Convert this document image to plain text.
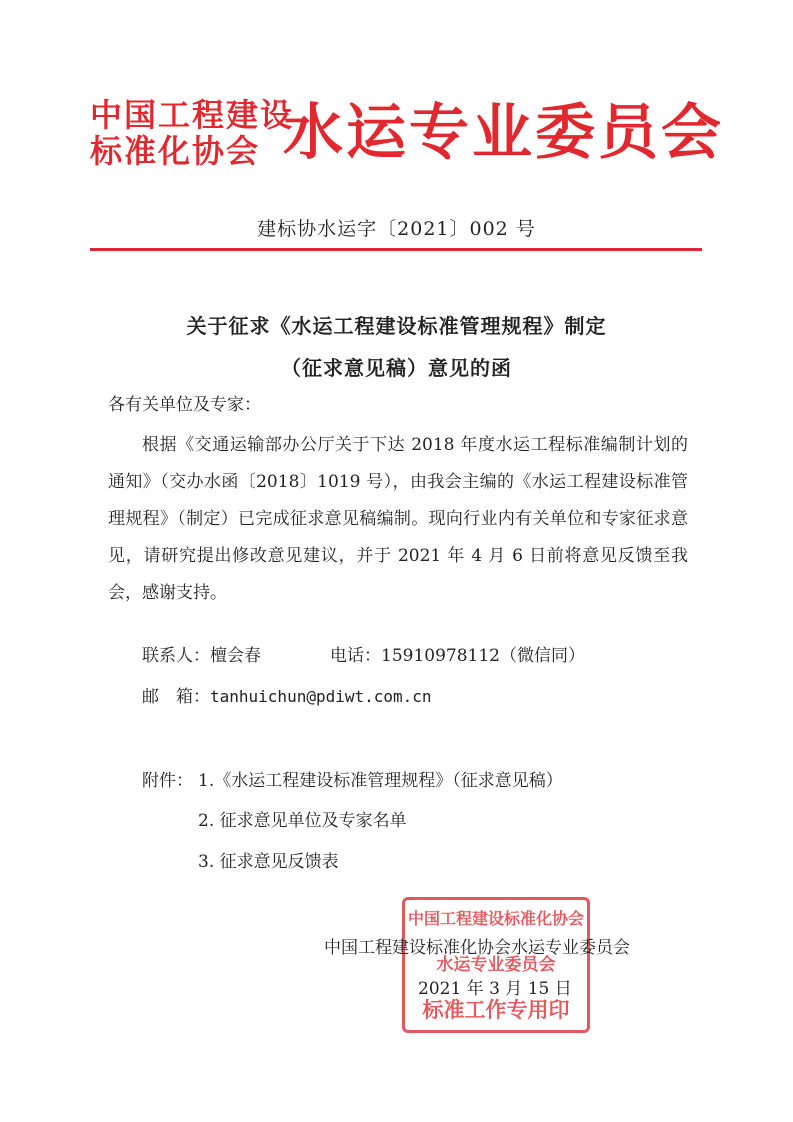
中国工程建设
标准化协会 水运专业委员会
建标协水运字〔2021〕002 号
关于征求《水运工程建设标准管理规程》制定
（征求意见稿）意见的函
各有关单位及专家：
根据《交通运输部办公厅关于下达 2018 年度水运工程标准编制计划的通知》（交办水函〔2018〕1019 号），由我会主编的《水运工程建设标准管理规程》（制定）已完成征求意见稿编制。现向行业内有关单位和专家征求意见，请研究提出修改意见建议，并于 2021 年 4 月 6 日前将意见反馈至我会，感谢支持。
联系人：檀会春	电话：15910978112（微信同）
邮　箱：tanhuichun@pdiwt.com.cn
附件： 1.《水运工程建设标准管理规程》（征求意见稿）
2. 征求意见单位及专家名单
3. 征求意见反馈表
中国工程建设标准化协会
水运专业委员会
标准工作专用印
中国工程建设标准化协会水运专业委员会
2021 年 3 月 15 日
